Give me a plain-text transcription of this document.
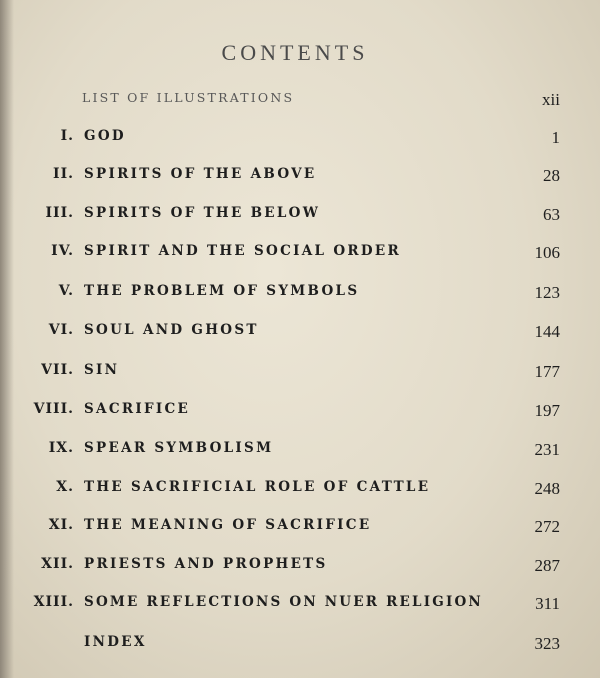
CONTENTS
LIST OF ILLUSTRATIONS	xii
I. GOD	1
II. SPIRITS OF THE ABOVE	28
III. SPIRITS OF THE BELOW	63
IV. SPIRIT AND THE SOCIAL ORDER	106
V. THE PROBLEM OF SYMBOLS	123
VI. SOUL AND GHOST	144
VII. SIN	177
VIII. SACRIFICE	197
IX. SPEAR SYMBOLISM	231
X. THE SACRIFICIAL ROLE OF CATTLE	248
XI. THE MEANING OF SACRIFICE	272
XII. PRIESTS AND PROPHETS	287
XIII. SOME REFLECTIONS ON NUER RELIGION	311
INDEX	323
